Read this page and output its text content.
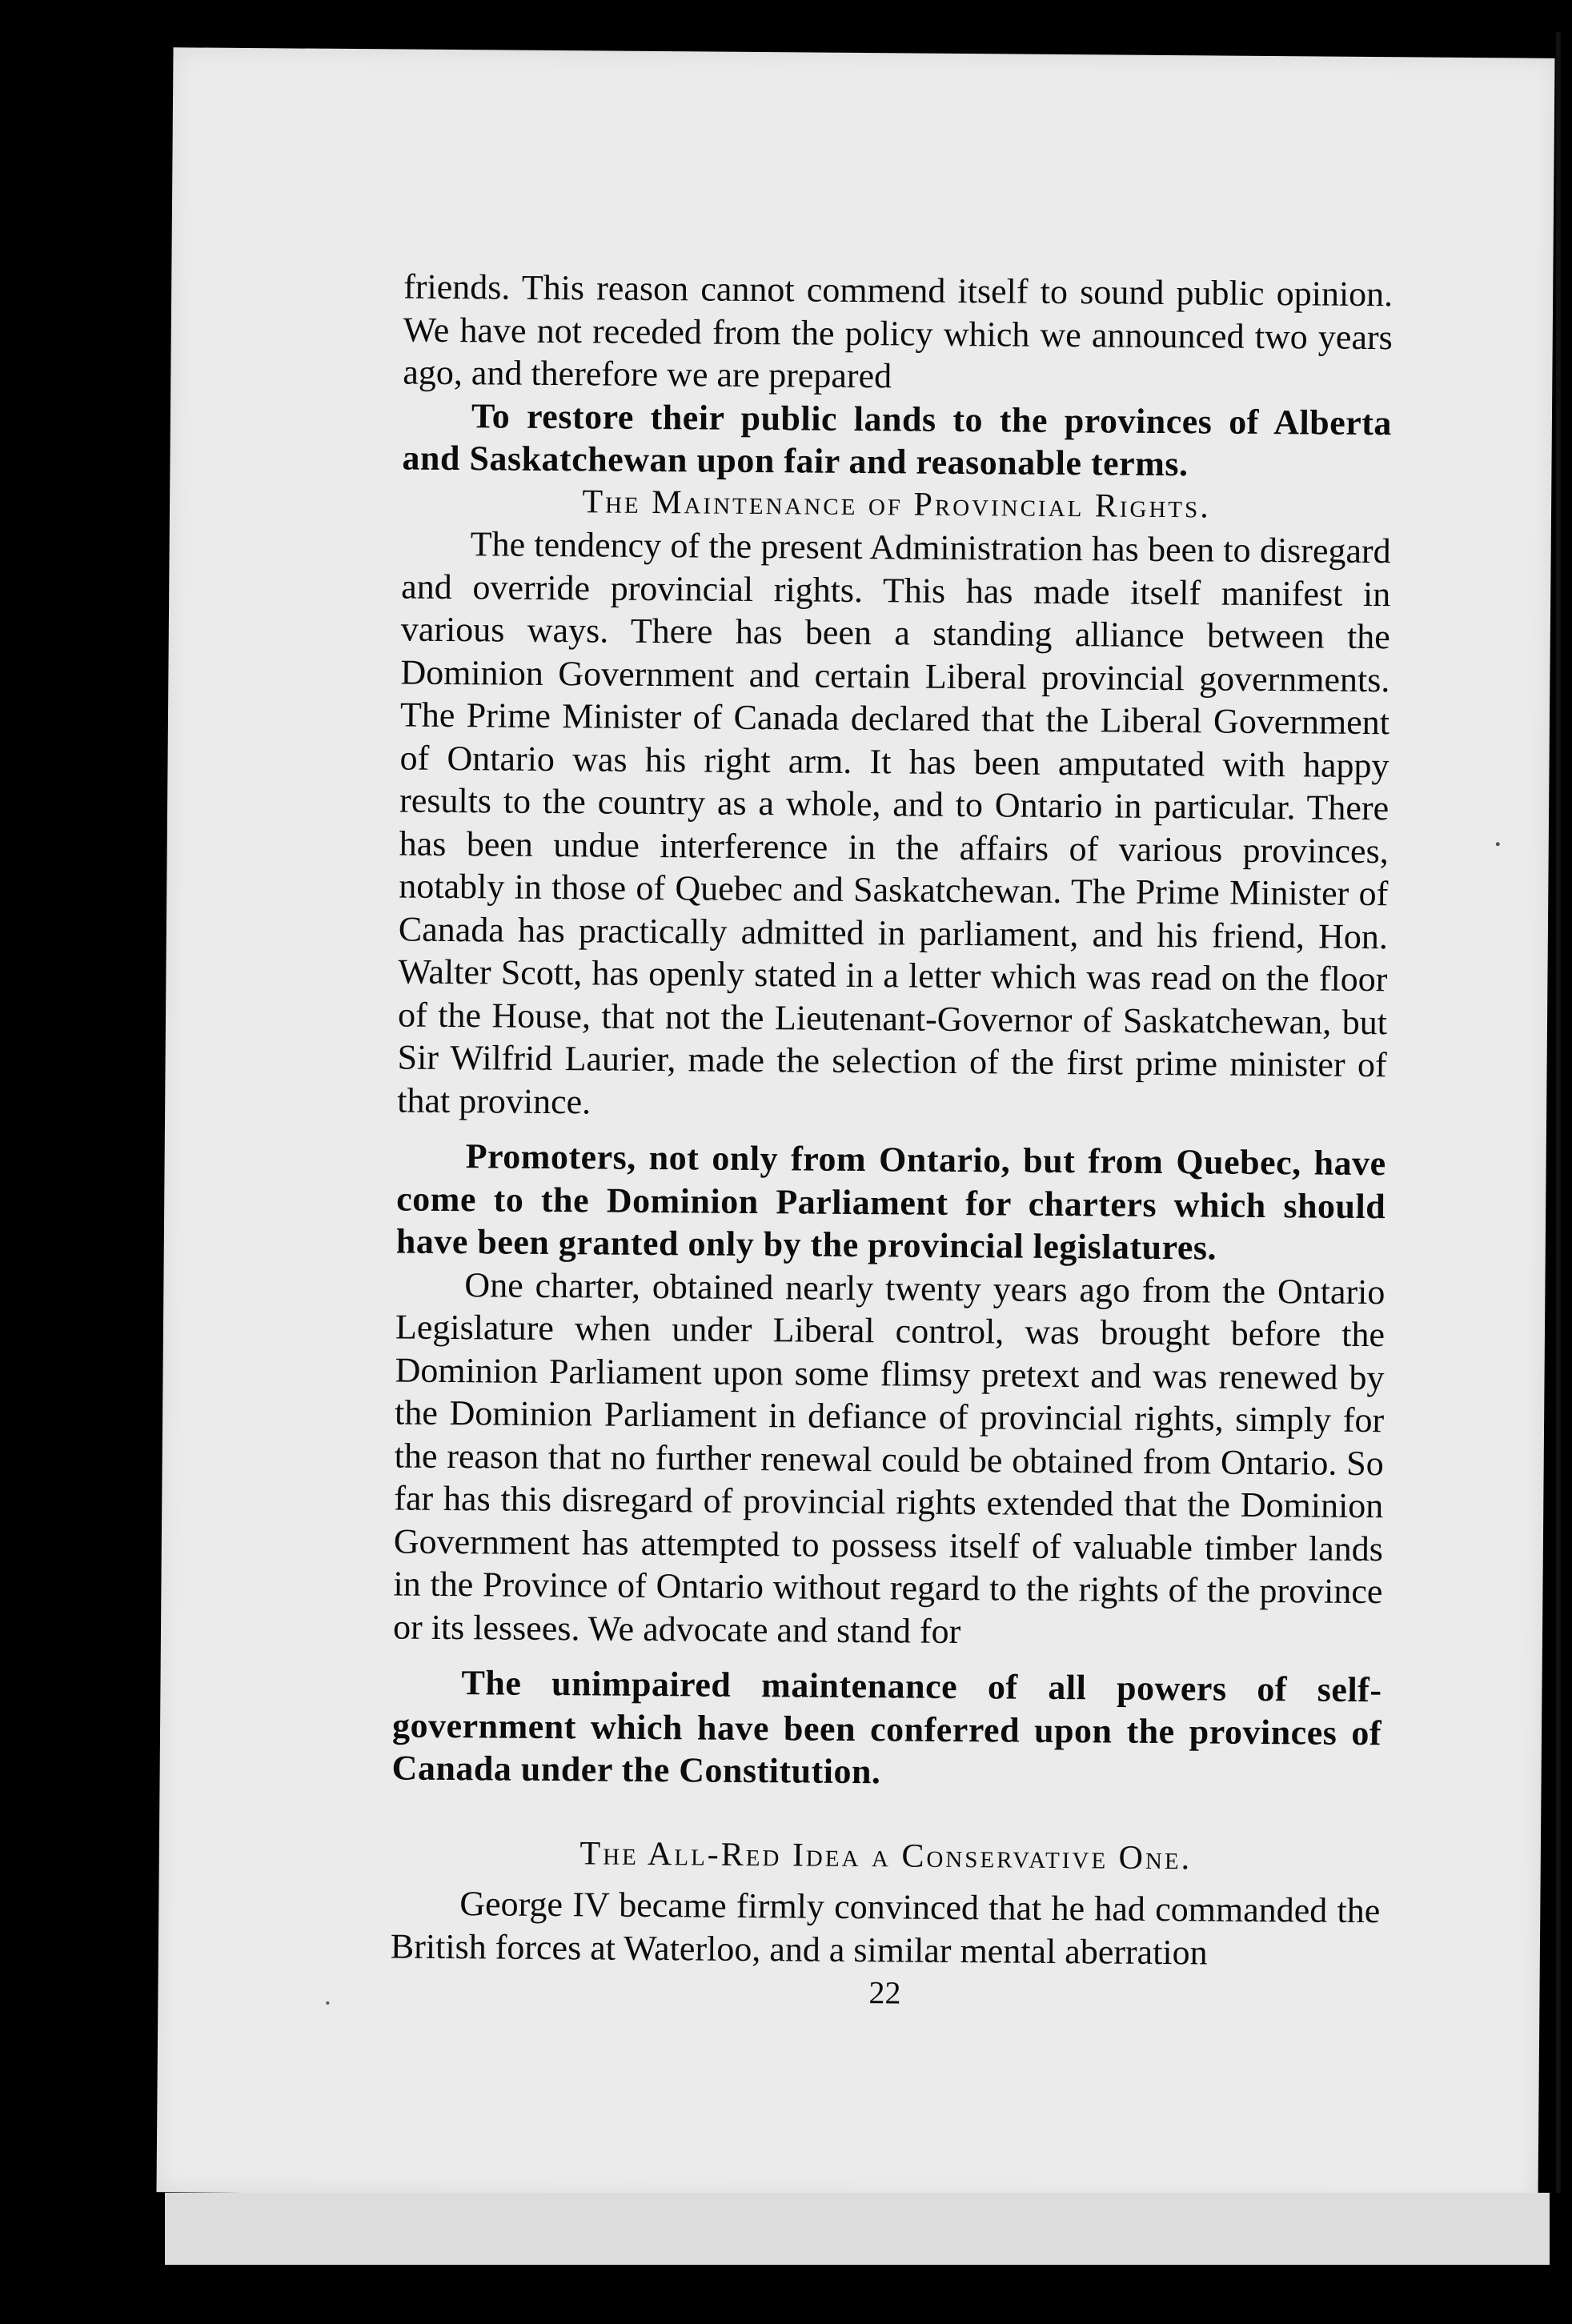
friends. This reason cannot commend itself to sound public opinion. We have not receded from the policy which we announced two years ago, and therefore we are prepared

To restore their public lands to the provinces of Alberta and Saskatchewan upon fair and reasonable terms.

The Maintenance of Provincial Rights.

The tendency of the present Administration has been to disregard and override provincial rights. This has made itself manifest in various ways. There has been a standing alliance between the Dominion Government and certain Liberal provincial governments. The Prime Minister of Canada declared that the Liberal Government of Ontario was his right arm. It has been amputated with happy results to the country as a whole, and to Ontario in particular. There has been undue interference in the affairs of various provinces, notably in those of Quebec and Saskatchewan. The Prime Minister of Canada has practically admitted in parliament, and his friend, Hon. Walter Scott, has openly stated in a letter which was read on the floor of the House, that not the Lieutenant-Governor of Saskatchewan, but Sir Wilfrid Laurier, made the selection of the first prime minister of that province.

Promoters, not only from Ontario, but from Quebec, have come to the Dominion Parliament for charters which should have been granted only by the provincial legislatures.

One charter, obtained nearly twenty years ago from the Ontario Legislature when under Liberal control, was brought before the Dominion Parliament upon some flimsy pretext and was renewed by the Dominion Parliament in defiance of provincial rights, simply for the reason that no further renewal could be obtained from Ontario. So far has this disregard of provincial rights extended that the Dominion Government has attempted to possess itself of valuable timber lands in the Province of Ontario without regard to the rights of the province or its lessees. We advocate and stand for

The unimpaired maintenance of all powers of self-government which have been conferred upon the provinces of Canada under the Constitution.

The All-Red Idea a Conservative One.

George IV became firmly convinced that he had commanded the British forces at Waterloo, and a similar mental aberration

22
